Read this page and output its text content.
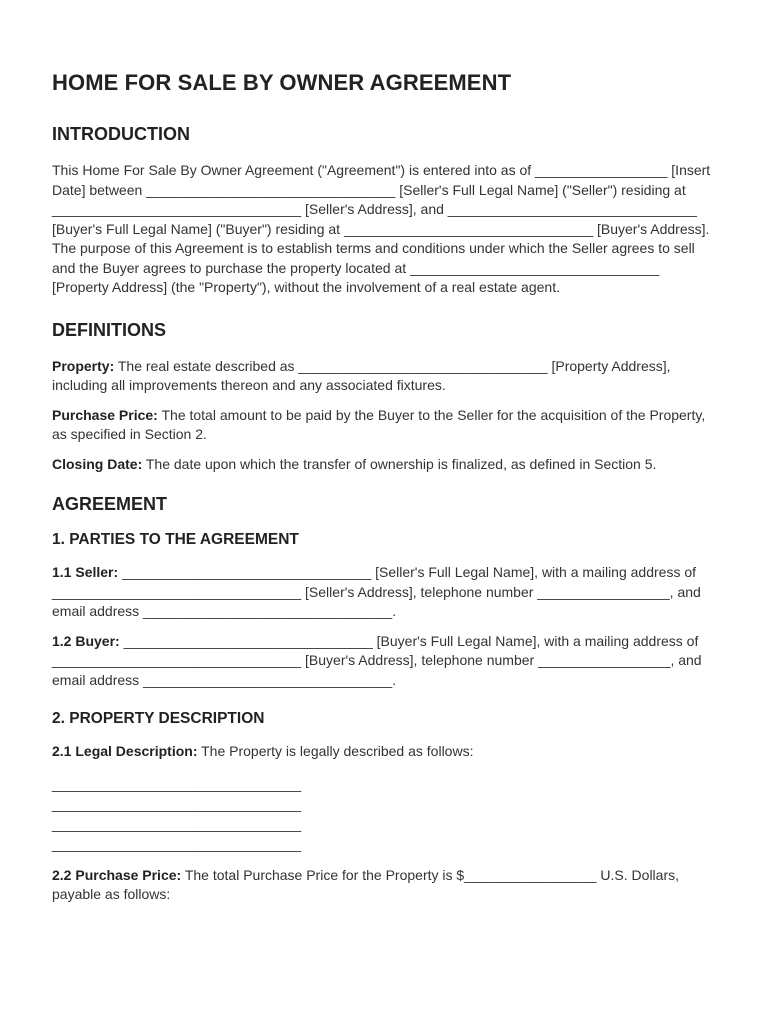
HOME FOR SALE BY OWNER AGREEMENT
INTRODUCTION

This Home For Sale By Owner Agreement ("Agreement") is entered into as of _________________ [Insert Date] between ________________________________ [Seller's Full Legal Name] ("Seller") residing at ________________________________ [Seller's Address], and ________________________________ [Buyer's Full Legal Name] ("Buyer") residing at ________________________________ [Buyer's Address]. The purpose of this Agreement is to establish terms and conditions under which the Seller agrees to sell and the Buyer agrees to purchase the property located at ________________________________ [Property Address] (the "Property"), without the involvement of a real estate agent.

DEFINITIONS

Property: The real estate described as ________________________________ [Property Address], including all improvements thereon and any associated fixtures.

Purchase Price: The total amount to be paid by the Buyer to the Seller for the acquisition of the Property, as specified in Section 2.

Closing Date: The date upon which the transfer of ownership is finalized, as defined in Section 5.

AGREEMENT
1. PARTIES TO THE AGREEMENT

1.1 Seller: ________________________________ [Seller's Full Legal Name], with a mailing address of ________________________________ [Seller's Address], telephone number _________________, and email address ________________________________.

1.2 Buyer: ________________________________ [Buyer's Full Legal Name], with a mailing address of ________________________________ [Buyer's Address], telephone number _________________, and email address ________________________________.

2. PROPERTY DESCRIPTION

2.1 Legal Description: The Property is legally described as follows:

________________________________
________________________________
________________________________
________________________________

2.2 Purchase Price: The total Purchase Price for the Property is $_________________ U.S. Dollars, payable as follows:
